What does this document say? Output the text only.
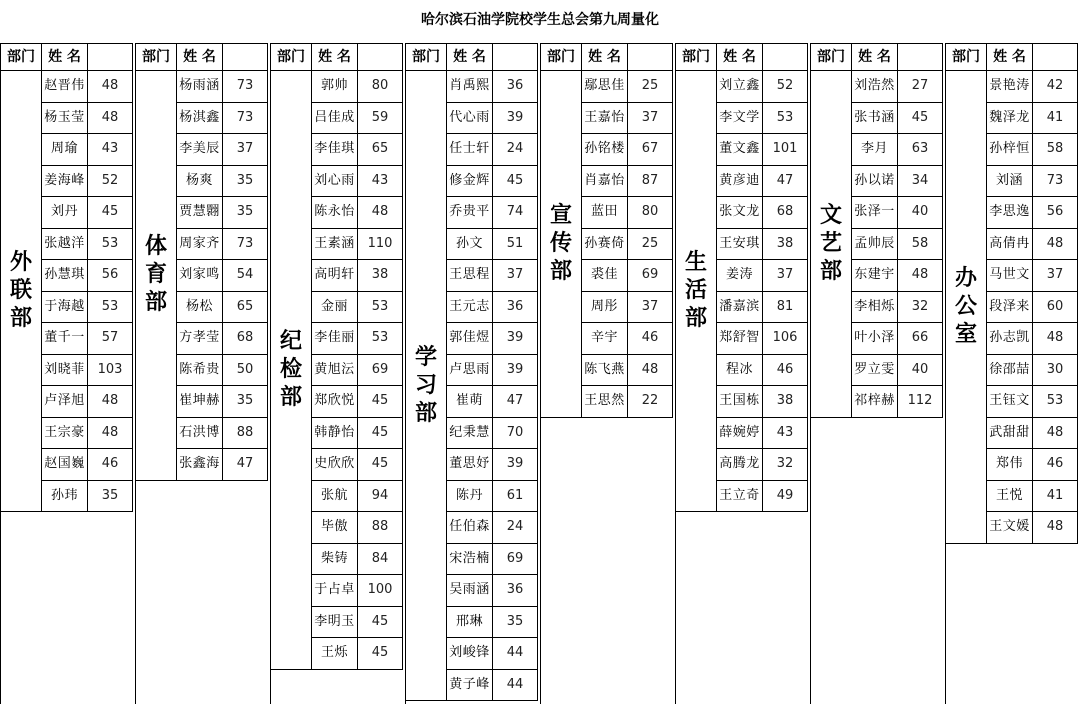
哈尔滨石油学院校学生总会第九周量化
部门 姓 名
外联部
赵晋伟	48
杨玉莹	48
周瑜	43
姜海峰	52
刘丹	45
张越洋	53
孙慧琪	56
于海越	53
董千一	57
刘晓菲 103
卢泽旭	48
王宗豪	48
赵国巍	46
孙玮	35
部门 姓 名
体育部
杨雨涵	73
杨淇鑫	73
李美辰	37
杨爽	35
贾慧翾	35
周家齐	73
刘家鸣	54
杨松	65
方孝莹	68
陈希贵	50
崔坤赫	35
石洪博	88
张鑫海	47
部门 姓 名
纪检部
郭帅	80
吕佳成	59
李佳琪	65
刘心雨	43
陈永怡	48
王素涵 110
高明轩	38
金丽	53
李佳丽	53
黄旭沄	69
郑欣悦	45
韩静怡	45
史欣欣	45
张航	94
毕傲	88
柴铸	84
于占卓 100
李明玉	45
王烁	45
部门 姓 名
学习部
肖禹熙	36
代心雨	39
任士轩	24
修金辉	45
乔贵平	74
孙文	51
王思程	37
王元志	36
郭佳煜	39
卢思雨	39
崔萌	47
纪秉慧	70
董思妤	39
陈丹	61
任伯森	24
宋浩楠	69
吴雨涵	36
邢琳	35
刘峻锋	44
黄子峰	44
部门 姓 名
宣传部
鄢思佳	25
王嘉怡	37
孙铭楼	67
肖嘉怡	87
蓝田	80
孙赛倚	25
裘佳	69
周彤	37
辛宇	46
陈飞燕	48
王思然	22
部门 姓 名
生活部
刘立鑫	52
李文学	53
董文鑫 101
黄彦迪	47
张文龙	68
王安琪	38
姜涛	37
潘嘉滨	81
郑舒智 106
程冰	46
王国栋	38
薛婉婷	43
高腾龙	32
王立奇	49
部门 姓 名
文艺部
刘浩然	27
张书涵	45
李月	63
孙以诺	34
张泽一	40
孟帅辰	58
东建宇	48
李相烁	32
叶小泽	66
罗立雯	40
祁梓赫 112
部门 姓 名
办公室
景艳涛	42
魏泽龙	41
孙梓恒	58
刘涵	73
李思逸	56
高倩冉	48
马世文	37
段泽来	60
孙志凯	48
徐邵喆	30
王钰文	53
武甜甜	48
郑伟	46
王悦	41
王文媛	48
